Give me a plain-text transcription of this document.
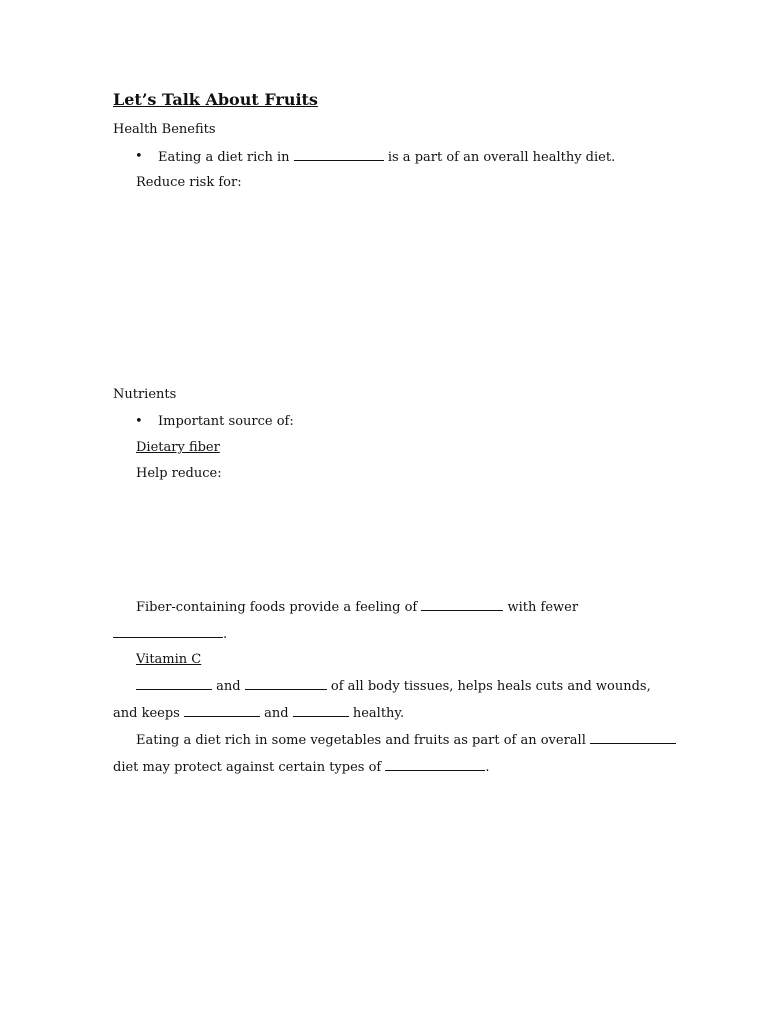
Let’s Talk About Fruits
Health Benefits
• Eating a diet rich in	is a part of an overall healthy diet.
Reduce risk for:
Nutrients
• Important source of:
Dietary fiber
Help reduce:
Fiber-containing foods provide a feeling of	with fewer
.
Vitamin C
and	of all body tissues, helps heals cuts and wounds,
and keeps	and	healthy.
Eating a diet rich in some vegetables and fruits as part of an overall
diet may protect against certain types of	.
